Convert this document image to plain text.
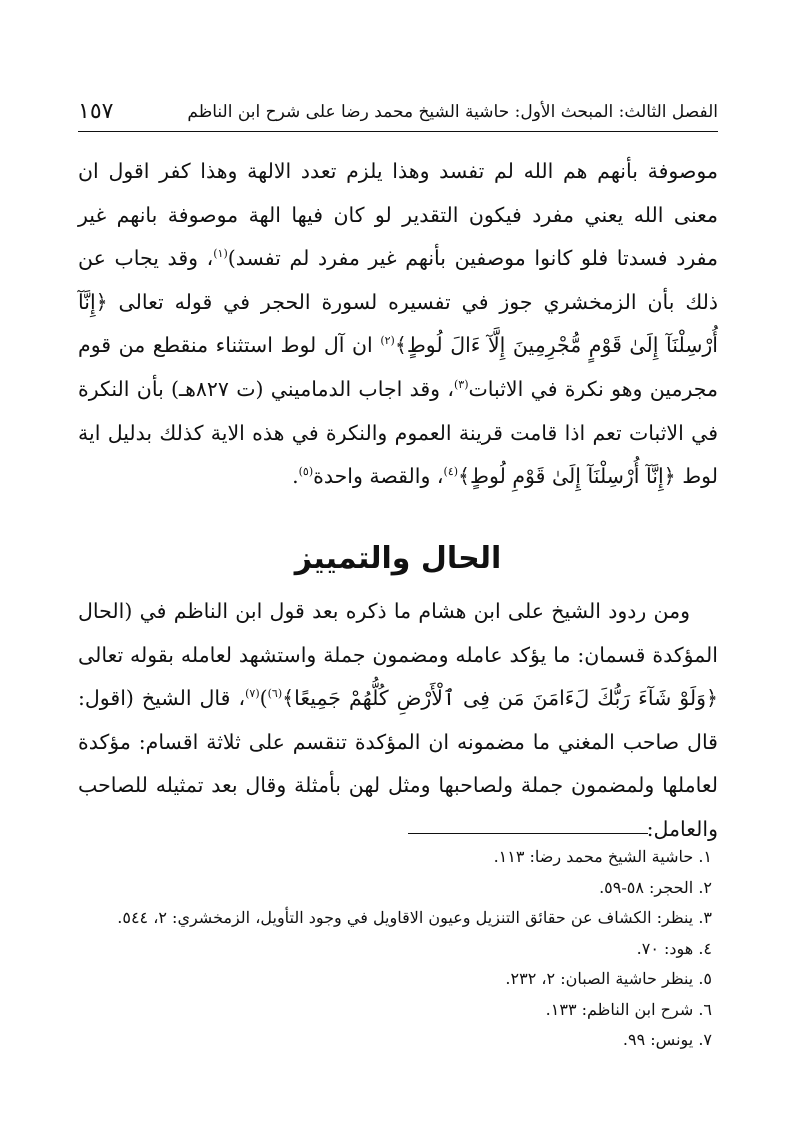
الفصل الثالث: المبحث الأول: حاشية الشيخ محمد رضا على شرح ابن الناظم
١٥٧

موصوفة بأنهم هم الله لم تفسد وهذا يلزم تعدد الالهة وهذا كفر اقول ان معنى الله يعني مفرد فيكون التقدير لو كان فيها الهة موصوفة بانهم غير مفرد فسدتا فلو كانوا موصفين بأنهم غير مفرد لم تفسد)$^{(١)}$، وقد يجاب عن ذلك بأن الزمخشري جوز في تفسيره لسورة الحجر في قوله تعالى ﴿إِنَّآ أُرْسِلْنَآ إِلَىٰ قَوْمٍ مُّجْرِمِينَ إِلَّآ ءَالَ لُوطٍ﴾$^{(٢)}$ ان آل لوط استثناء منقطع من قوم مجرمين وهو نكرة في الاثبات$^{(٣)}$، وقد اجاب الدماميني (ت ٨٢٧هـ) بأن النكرة في الاثبات تعم اذا قامت قرينة العموم والنكرة في هذه الاية كذلك بدليل اية لوط ﴿إِنَّآ أُرْسِلْنَآ إِلَىٰ قَوْمِ لُوطٍ﴾$^{(٤)}$، والقصة واحدة$^{(٥)}$.

الحال والتمييز

ومن ردود الشيخ على ابن هشام ما ذكره بعد قول ابن الناظم في (الحال المؤكدة قسمان: ما يؤكد عامله ومضمون جملة واستشهد لعامله بقوله تعالى ﴿وَلَوْ شَآءَ رَبُّكَ لَءَامَنَ مَن فِى ٱلْأَرْضِ كُلُّهُمْ جَمِيعًا﴾$^{(٦)}$)$^{(٧)}$، قال الشيخ (اقول: قال صاحب المغني ما مضمونه ان المؤكدة تنقسم على ثلاثة اقسام: مؤكدة لعاملها ولمضمون جملة ولصاحبها ومثل لهن بأمثلة وقال بعد تمثيله للصاحب والعامل:

١. حاشية الشيخ محمد رضا: ١١٣.
٢. الحجر: ٥٨-٥٩.
٣. ينظر: الكشاف عن حقائق التنزيل وعيون الاقاويل في وجود التأويل، الزمخشري: ٢، ٥٤٤.
٤. هود: ٧٠.
٥. ينظر حاشية الصبان: ٢، ٢٣٢.
٦. شرح ابن الناظم: ١٣٣.
٧. يونس: ٩٩.
